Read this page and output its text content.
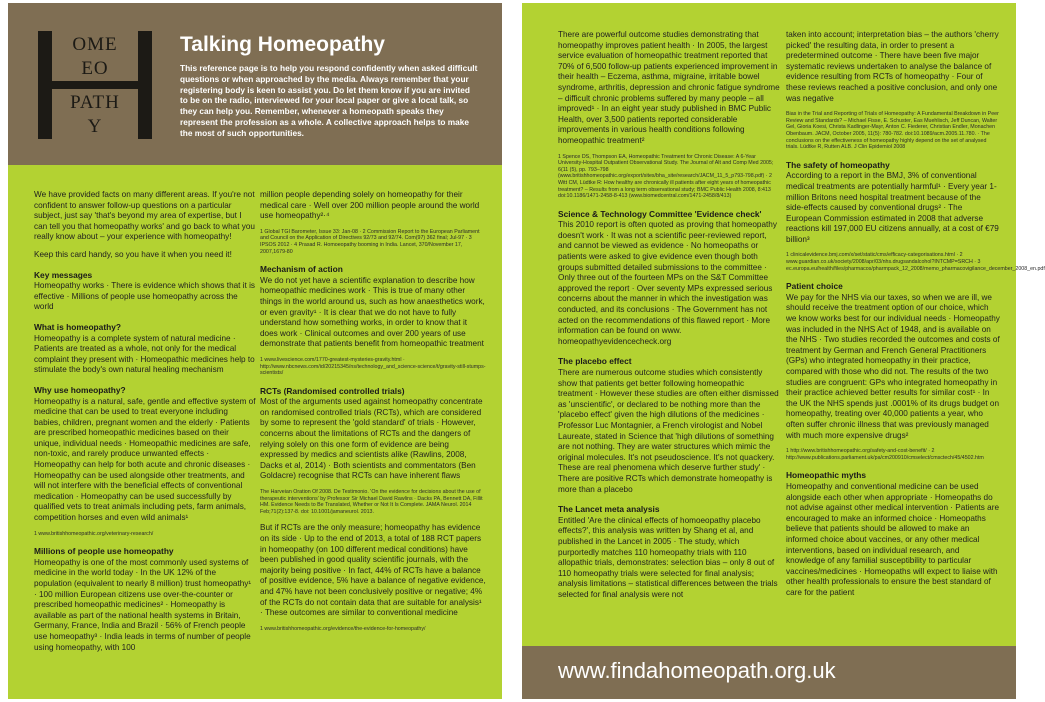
OME
EO
PATH
Y
Talking Homeopathy
This reference page is to help you respond confidently when asked difficult questions or when approached by the media. Always remember that your registering body is keen to assist you. Do let them know if you are invited to be on the radio, interviewed for your local paper or give a local talk, so they can help you. Remember, whenever a homeopath speaks they represent the profession as a whole. A collective approach helps to make the most of such opportunities.

We have provided facts on many different areas. If you're not confident to answer follow-up questions on a particular subject, just say 'that's beyond my area of expertise, but I can tell you that homeopathy works' and go back to what you really know about – your experience with homeopathy!

Keep this card handy, so you have it when you need it!

Key messages

Homeopathy works · There is evidence which shows that it is effective · Millions of people use homeopathy across the world

What is homeopathy?

Homeopathy is a complete system of natural medicine · Patients are treated as a whole, not only for the medical complaint they present with · Homeopathic medicines help to stimulate the body's own natural healing mechanism

Why use homeopathy?

Homeopathy is a natural, safe, gentle and effective system of medicine that can be used to treat everyone including babies, children, pregnant women and the elderly · Patients are prescribed homeopathic medicines based on their unique, individual needs · Homeopathic medicines are safe, non-toxic, and rarely produce unwanted effects · Homeopathy can help for both acute and chronic diseases · Homeopathy can be used alongside other treatments, and will not interfere with the beneficial effects of conventional medication · Homeopathy can be used successfully by qualified vets to treat animals including pets, farm animals, competition horses and even wild animals¹

1 www.britishhomeopathic.org/veterinary-research/

Millions of people use homeopathy

Homeopathy is one of the most commonly used systems of medicine in the world today · In the UK 12% of the population (equivalent to nearly 8 million) trust homeopathy¹ · 100 million European citizens use over-the-counter or prescribed homeopathic medicines² · Homeopathy is available as part of the national health systems in Britain, Germany, France, India and Brazil · 56% of French people use homeopathy³ · India leads in terms of number of people using homeopathy, with 100

million people depending solely on homeopathy for their medical care · Well over 200 million people around the world use homeopathy²·⁴

1 Global TGI Barometer, Issue 33: Jan-08 · 2 Commission Report to the European Parliament and Council on the Application of Directives 92/73 and 92/74. Com(97) 362 final; Jul-97 · 3 IPSOS 2012 · 4 Prasad R. Homoeopathy booming in India. Lancet, 370/November 17, 2007,1679-80

Mechanism of action

We do not yet have a scientific explanation to describe how homeopathic medicines work · This is true of many other things in the world around us, such as how anaesthetics work, or even gravity¹ · It is clear that we do not have to fully understand how something works, in order to know that it does work · Clinical outcomes and over 200 years of use demonstrate that patients benefit from homeopathic treatment

1 www.livescience.com/1770-greatest-mysteries-gravity.html · http://www.nbcnews.com/id/20215345/ns/technology_and_science-science/t/gravity-still-stumps-scientists/

RCTs (Randomised controlled trials)

Most of the arguments used against homeopathy concentrate on randomised controlled trials (RCTs), which are considered by some to represent the 'gold standard' of trials · However, concerns about the limitations of RCTs and the dangers of relying solely on this one form of evidence are being expressed by medics and scientists alike (Rawlins, 2008, Dacks et al, 2014) · Both scientists and commentators (Ben Goldacre) recognise that RCTs can have inherent flaws

The Harveian Oration Of 2008. De Testimonio. 'On the evidence for decisions about the use of therapeutic interventions' by Professor Sir Michael David Rawlins · Dacks PA, Bennett DA, Fillit HM. Evidence Needs to Be Translated, Whether or Not It Is Complete. JAMA Neurol. 2014 Feb;71(2):137-8. doi: 10.1001/jamaneurol. 2013.

But if RCTs are the only measure; homeopathy has evidence on its side · Up to the end of 2013, a total of 188 RCT papers in homeopathy (on 100 different medical conditions) have been published in good quality scientific journals, with the majority being positive · In fact, 44% of RCTs have a balance of positive evidence, 5% have a balance of negative evidence, and 47% have not been conclusively positive or negative; 4% of the RCTs do not contain data that are suitable for analysis¹ · These outcomes are similar to conventional medicine

1 www.britishhomeopathic.org/evidence/the-evidence-for-homeopathy/

There are powerful outcome studies demonstrating that homeopathy improves patient health · In 2005, the largest service evaluation of homeopathic treatment reported that 70% of 6,500 follow-up patients experienced improvement in their health – Eczema, asthma, migraine, irritable bowel syndrome, arthritis, depression and chronic fatigue syndrome – difficult chronic problems suffered by many people – all improved¹ · In an eight year study published in BMC Public Health, over 3,500 patients reported considerable improvements in various health conditions following homeopathic treatment²

1 Spence DS, Thompson EA, Homeopathic Treatment for Chronic Disease: A 6-Year University-Hospital Outpatient Observational Study. The Journal of Alt and Comp Med 2005; 6(11 (5), pp. 793–798 (www.britishhomeopathic.org/export/sites/bha_site/research/JACM_11_5_p793-798.pdf) · 2 Witt CM, Lüdtke R: How healthy are chronically ill patients after eight years of homeopathic treatment? – Results from a long term observational study; BMC Public Health 2008, 8:413 doi:10.1186/1471-2458-8-413 (www.biomedcentral.com/1471-2458/8/413)

Science & Technology Committee 'Evidence check'

This 2010 report is often quoted as proving that homeopathy doesn't work · It was not a scientific peer-reviewed report, and cannot be viewed as evidence · No homeopaths or patients were asked to give evidence even though both groups submitted detailed submissions to the committee · Only three out of the fourteen MPs on the S&T Committee approved the report · Over seventy MPs expressed serious concerns about the manner in which the investigation was conducted, and its conclusions · The Government has not acted on the recommendations of this flawed report · More information can be found on www. homeopathyevidencecheck.org

The placebo effect

There are numerous outcome studies which consistently show that patients get better following homeopathic treatment · However these studies are often either dismissed as 'unscientific', or declared to be nothing more than the 'placebo effect' given the high dilutions of the medicines · Professor Luc Montagnier, a French virologist and Nobel Laureate, stated in Science that 'high dilutions of something are not nothing. They are water structures which mimic the original molecules. It's not pseudoscience. It's not quackery. These are real phenomena which deserve further study' · There are positive RCTs which demonstrate homeopathy is more than a placebo

The Lancet meta analysis

Entitled 'Are the clinical effects of homoeopathy placebo effects?', this analysis was written by Shang et al, and published in the Lancet in 2005 · The study, which purportedly matches 110 homeopathy trials with 110 allopathic trials, demonstrates: selection bias – only 8 out of 110 homeopathy trials were selected for final analysis; analysis limitations – statistical differences between the trials selected for final analysis were not

taken into account; interpretation bias – the authors 'cherry picked' the resulting data, in order to present a predetermined outcome · There have been five major systematic reviews undertaken to analyse the balance of evidence resulting from RCTs of homeopathy · Four of these reviews reached a positive conclusion, and only one was negative

Bias in the Trial and Reporting of Trials of Homeopathy: A Fundamental Breakdown in Peer Review and Standards? – Michael Fisse, E. Schuster, Eas Muehlisch, Jeff Duncan, Walter Gel, Gioria Koesi, Christa Kadlinger-Mayr, Anton C. Fiederer, Christian Endler, Monachen Obenbaum. JACM, October 2005, 11(5): 780-782. doi:10.1089/acm.2005.11.780. · The conclusions on the effectiveness of homeopathy highly depend on the set of analysed trials. Lüdtke R, Rutten ALB. J Clin Epidemiol 2008

The safety of homeopathy

According to a report in the BMJ, 3% of conventional medical treatments are potentially harmful¹ · Every year 1-million Britons need hospital treatment because of the side-effects caused by conventional drugs² · The European Commission estimated in 2008 that adverse reactions kill 197,000 EU citizens annually, at a cost of €79 billion³

1 clinicalevidence.bmj.com/x/set/static/cms/efficacy-categorisations.html · 2 www.guardian.co.uk/society/2008/apr/03/nhs.drugsandalcohol?INTCMP=SRCH · 3 ec.europa.eu/health/files/pharmacos/pharmpack_12_2008/memo_pharmacovigilance_december_2008_en.pdf

Patient choice

We pay for the NHS via our taxes, so when we are ill, we should receive the treatment option of our choice, which we know works best for our individual needs · Homeopathy was included in the NHS Act of 1948, and is available on the NHS · Two studies recorded the outcomes and costs of treatment by German and French General Practitioners (GPs) who integrated homeopathy in their practice, compared with those who did not. The results of the two studies are congruent: GPs who integrated homeopathy in their practice achieved better results for similar cost¹ · In the UK the NHS spends just .0001% of its drugs budget on homeopathy, treating over 40,000 patients a year, who often suffer chronic illness that was previously managed with much more expensive drugs²

1 http://www.britishhomeopathic.org/safety-and-cost-benefit/ · 2 http://www.publications.parliament.uk/pa/cm200910/cmselect/cmsctech/45/4502.htm

Homeopathic myths

Homeopathy and conventional medicine can be used alongside each other when appropriate · Homeopaths do not advise against other medical intervention · Patients are encouraged to make an informed choice · Homeopaths believe that patients should be allowed to make an informed choice about vaccines, or any other medical interventions, based on individual research, and knowledge of any familial susceptibility to particular vaccines/medicines · Homeopaths will expect to liaise with other health professionals to ensure the best standard of care for the patient

www.findahomeopath.org.uk
